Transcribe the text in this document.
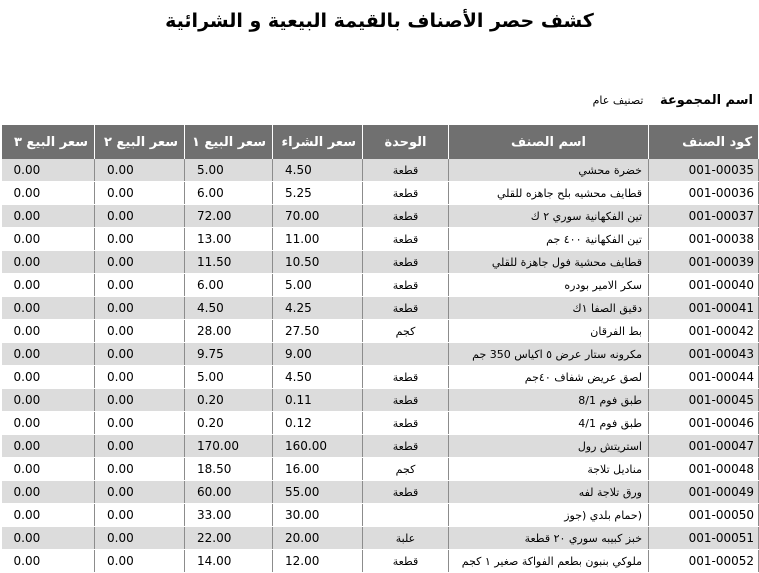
كشف حصر الأصناف بالقيمة البيعية و الشرائية
اسم المجموعة تصنيف عام
كود الصنف	اسم الصنف	الوحدة	سعر الشراء	سعر البيع ١	سعر البيع ٢	سعر البيع ٣
001-00035	خضرة محشي	قطعة	4.50	5.00	0.00	0.00
001-00036	قطايف محشيه بلح جاهزه للقلي	قطعة	5.25	6.00	0.00	0.00
001-00037	تين الفكهانية سوري ٢ ك	قطعة	70.00	72.00	0.00	0.00
001-00038	تين الفكهانية ٤٠٠ جم	قطعة	11.00	13.00	0.00	0.00
001-00039	قطايف محشية فول جاهزة للقلي	قطعة	10.50	11.50	0.00	0.00
001-00040	سكر الامير بودره	قطعة	5.00	6.00	0.00	0.00
001-00041	دقيق الصفا ١ك	قطعة	4.25	4.50	0.00	0.00
001-00042	بط الفرقان	كجم	27.50	28.00	0.00	0.00
001-00043	مكرونه ستار عرض ٥ اكياس 350 جم		9.00	9.75	0.00	0.00
001-00044	لصق عريض شفاف ٤٠جم	قطعة	4.50	5.00	0.00	0.00
001-00045	طبق فوم 8/1	قطعة	0.11	0.20	0.00	0.00
001-00046	طبق فوم 4/1	قطعة	0.12	0.20	0.00	0.00
001-00047	استريتش رول	قطعة	160.00	170.00	0.00	0.00
001-00048	مناديل تلاجة	كجم	16.00	18.50	0.00	0.00
001-00049	ورق تلاجة لفه	قطعة	55.00	60.00	0.00	0.00
001-00050	(حمام بلدي (جوز		30.00	33.00	0.00	0.00
001-00051	خبز كبيبه سوري ٢٠ قطعة	علبة	20.00	22.00	0.00	0.00
001-00052	ملوكي بنبون بطعم الفواكة صغير ١ كجم	قطعة	12.00	14.00	0.00	0.00
